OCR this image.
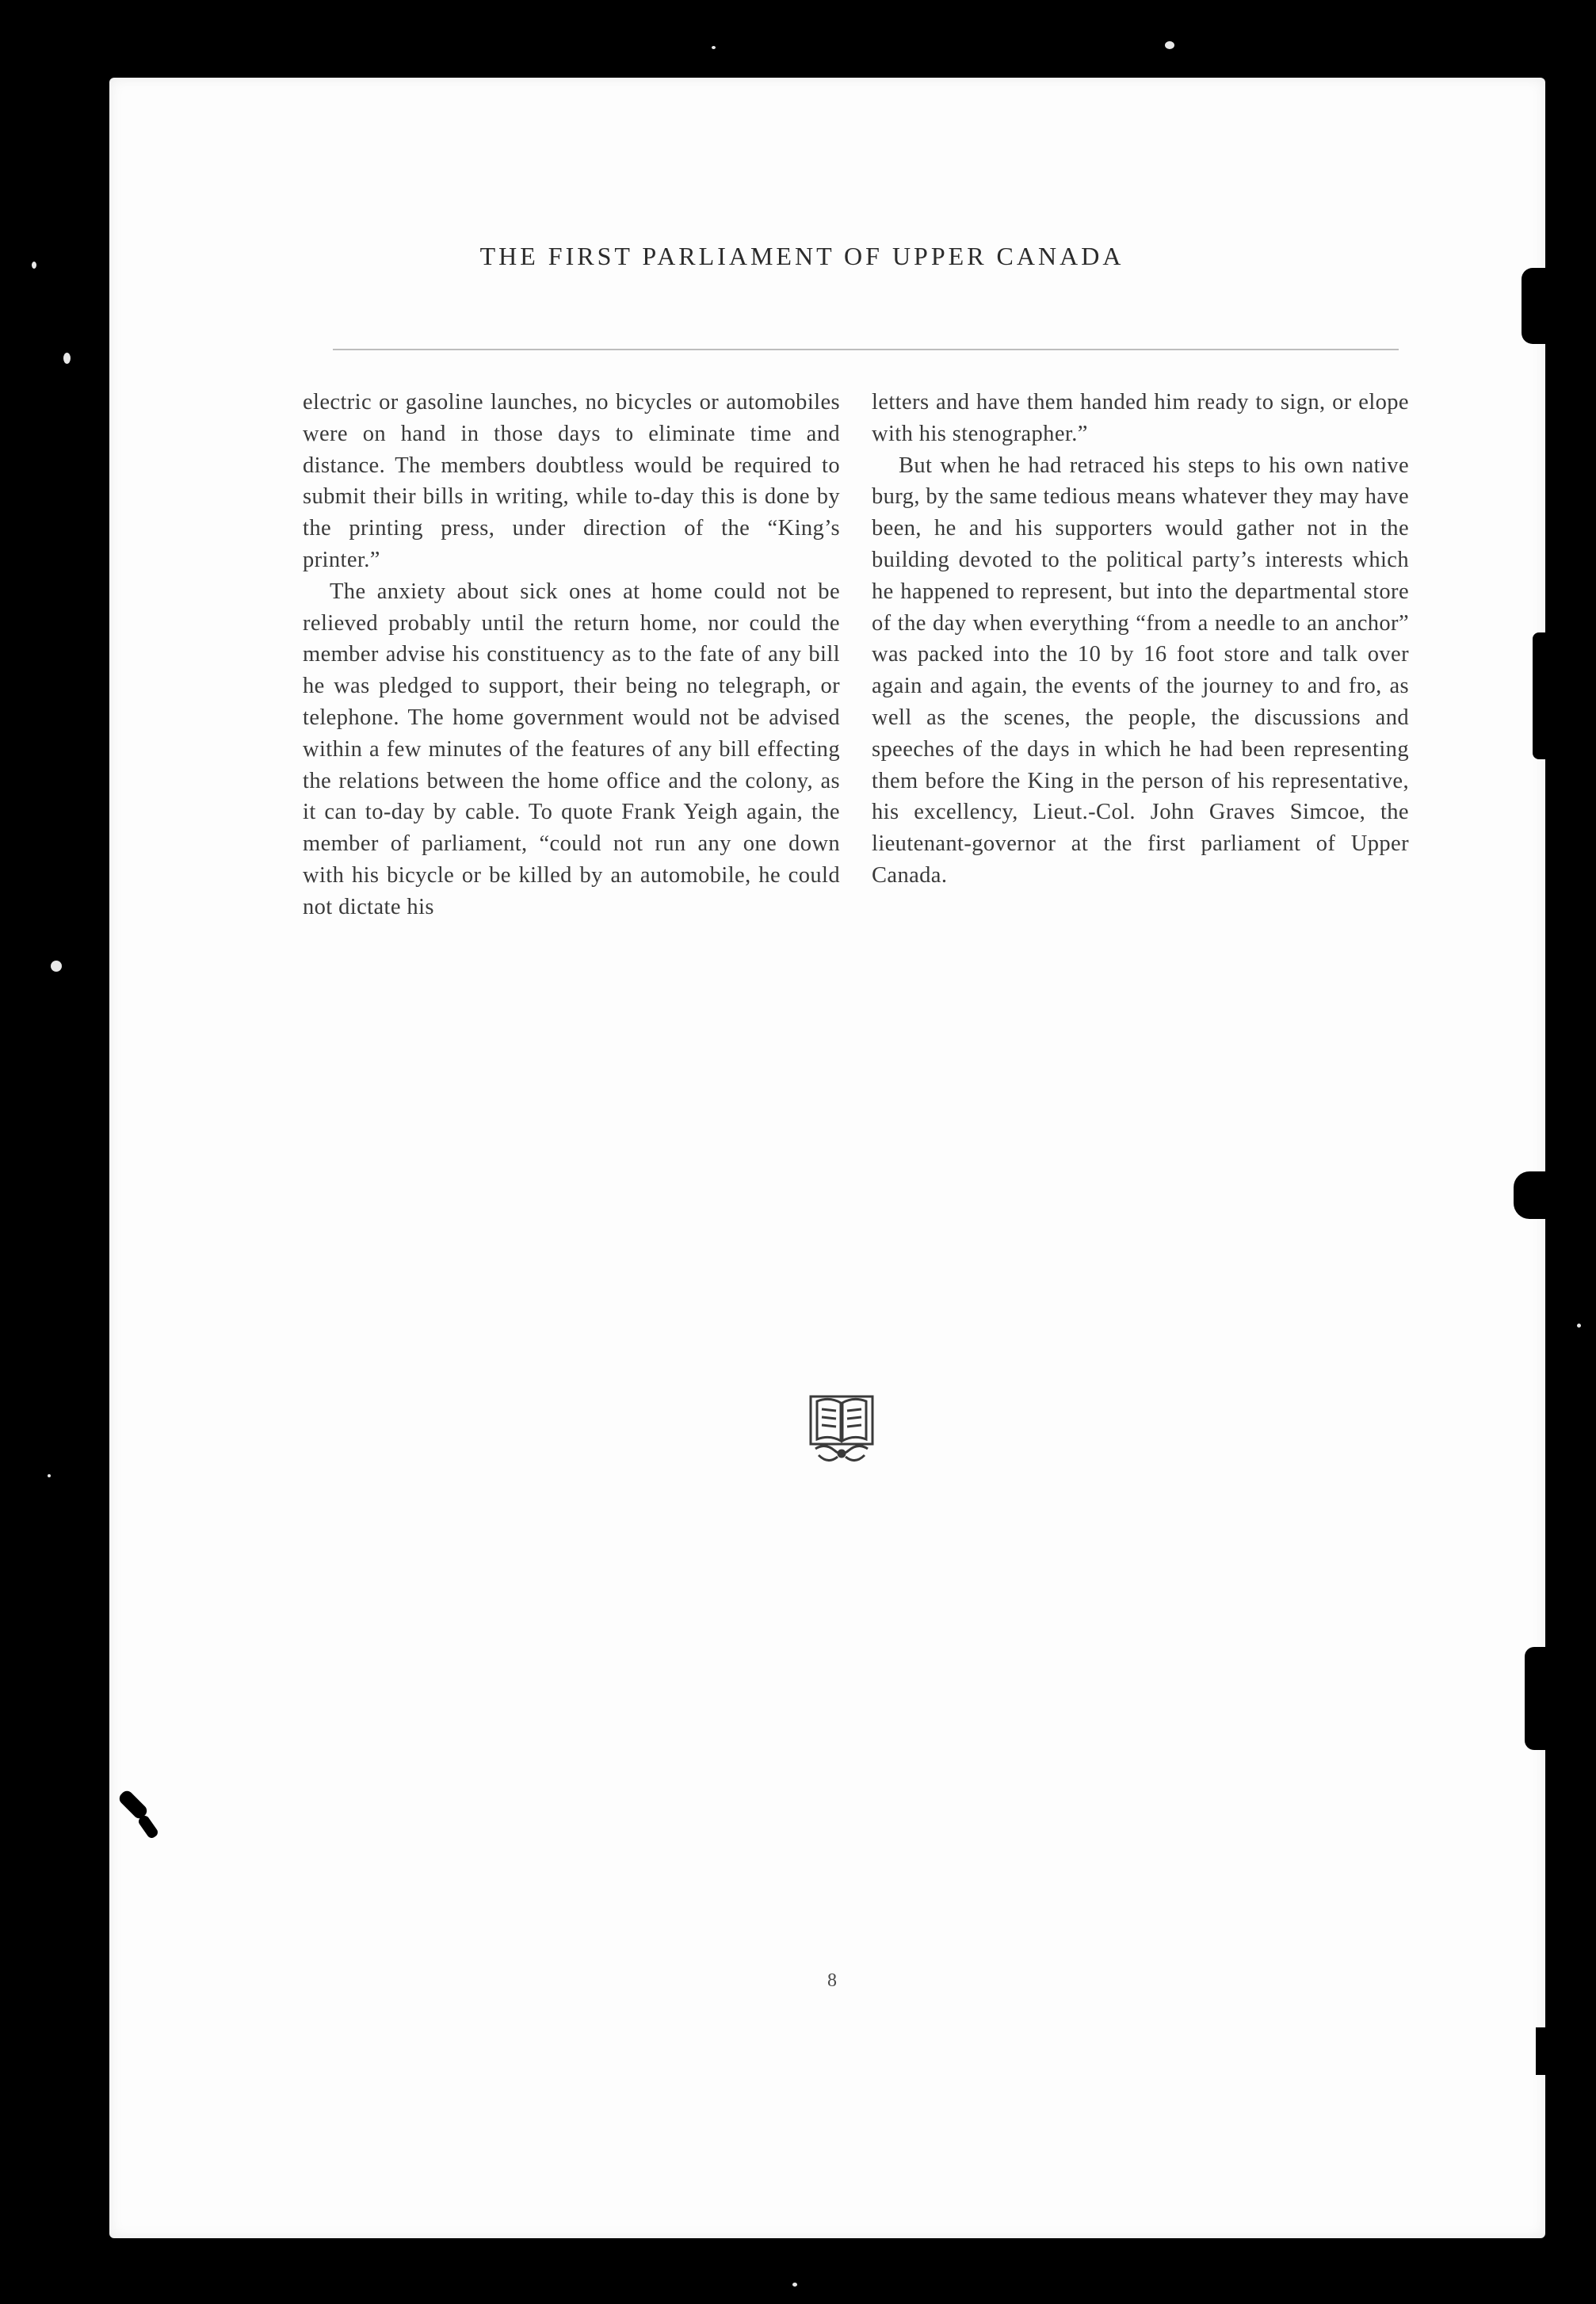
THE FIRST PARLIAMENT OF UPPER CANADA

electric or gasoline launches, no bicycles or automobiles were on hand in those days to eliminate time and distance. The members doubtless would be required to submit their bills in writing, while to-day this is done by the printing press, under direction of the “King’s printer.”

The anxiety about sick ones at home could not be relieved probably until the return home, nor could the member advise his constituency as to the fate of any bill he was pledged to support, their being no telegraph, or telephone. The home government would not be advised within a few minutes of the features of any bill effecting the relations between the home office and the colony, as it can to-day by cable. To quote Frank Yeigh again, the member of parliament, “could not run any one down with his bicycle or be killed by an automobile, he could not dictate his

letters and have them handed him ready to sign, or elope with his stenographer.”

But when he had retraced his steps to his own native burg, by the same tedious means whatever they may have been, he and his supporters would gather not in the building devoted to the political party’s interests which he happened to represent, but into the departmental store of the day when everything “from a needle to an anchor” was packed into the 10 by 16 foot store and talk over again and again, the events of the journey to and fro, as well as the scenes, the people, the discussions and speeches of the days in which he had been representing them before the King in the person of his representative, his excellency, Lieut.-Col. John Graves Simcoe, the lieutenant-governor at the first parliament of Upper Canada.

8
